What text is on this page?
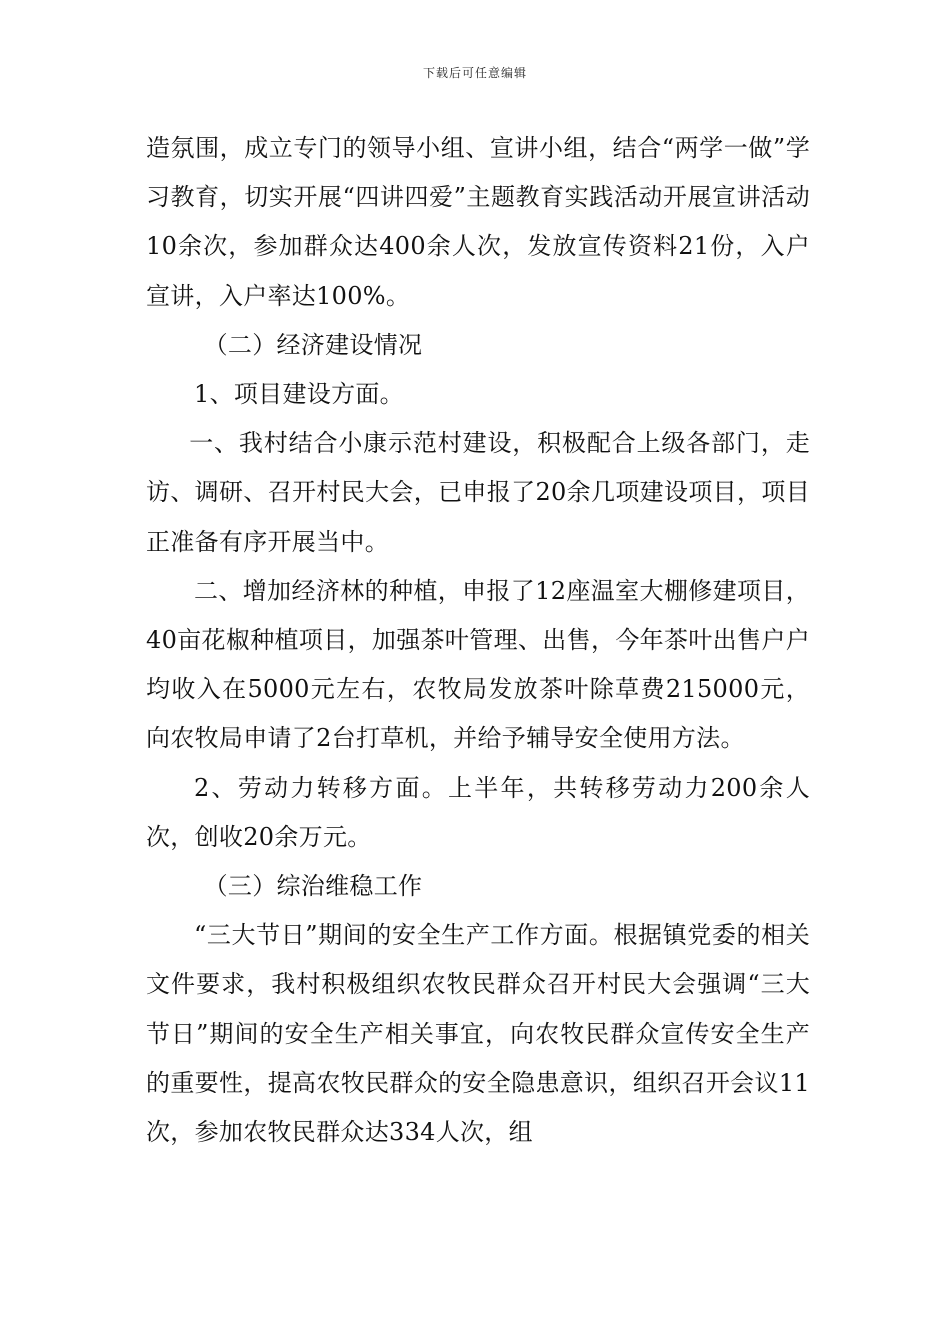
下载后可任意编辑

造氛围，成立专门的领导小组、宣讲小组，结合“两学一做”学习教育，切实开展“四讲四爱”主题教育实践活动开展宣讲活动10余次，参加群众达400余人次，发放宣传资料21份，入户宣讲，入户率达100%。

（二）经济建设情况

1、项目建设方面。

一、我村结合小康示范村建设，积极配合上级各部门，走访、调研、召开村民大会，已申报了20余几项建设项目，项目正准备有序开展当中。

二、增加经济林的种植，申报了12座温室大棚修建项目，40亩花椒种植项目，加强茶叶管理、出售，今年茶叶出售户户均收入在5000元左右，农牧局发放茶叶除草费215000元，向农牧局申请了2台打草机，并给予辅导安全使用方法。

2、劳动力转移方面。上半年，共转移劳动力200余人次，创收20余万元。

（三）综治维稳工作

“三大节日”期间的安全生产工作方面。根据镇党委的相关文件要求，我村积极组织农牧民群众召开村民大会强调“三大节日”期间的安全生产相关事宜，向农牧民群众宣传安全生产的重要性，提高农牧民群众的安全隐患意识，组织召开会议11次，参加农牧民群众达334人次，组
